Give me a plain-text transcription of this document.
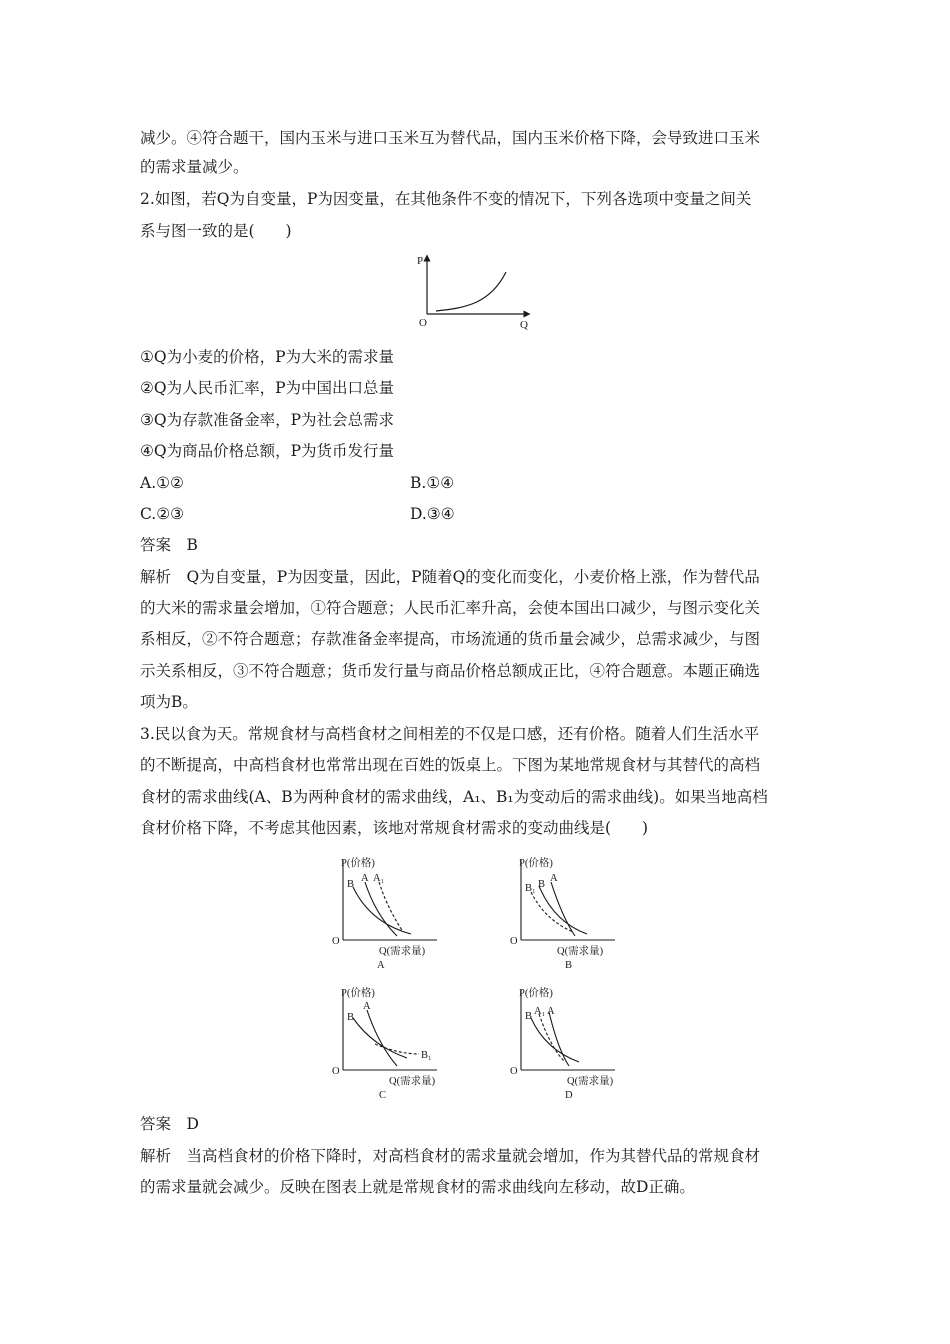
减少。④符合题干，国内玉米与进口玉米互为替代品，国内玉米价格下降，会导致进口玉米
的需求量减少。
2.如图，若Q为自变量，P为因变量，在其他条件不变的情况下，下列各选项中变量之间关
系与图一致的是(　　)
P
O	Q
①Q为小麦的价格，P为大米的需求量
②Q为人民币汇率，P为中国出口总量
③Q为存款准备金率，P为社会总需求
④Q为商品价格总额，P为货币发行量
A.①②	B.①④
C.②③	D.③④
答案　B
解析　Q为自变量，P为因变量，因此，P随着Q的变化而变化，小麦价格上涨，作为替代品
的大米的需求量会增加，①符合题意；人民币汇率升高，会使本国出口减少，与图示变化关
系相反，②不符合题意；存款准备金率提高，市场流通的货币量会减少，总需求减少，与图
示关系相反，③不符合题意；货币发行量与商品价格总额成正比，④符合题意。本题正确选
项为B。
3.民以食为天。常规食材与高档食材之间相差的不仅是口感，还有价格。随着人们生活水平
的不断提高，中高档食材也常常出现在百姓的饭桌上。下图为某地常规食材与其替代的高档
食材的需求曲线(A、B为两种食材的需求曲线，A₁、B₁为变动后的需求曲线)。如果当地高档
食材价格下降，不考虑其他因素，该地对常规食材需求的变动曲线是(　　)
P(价格)
O
Q(需求量)
B
A A₁
A
P(价格)
O
Q(需求量)
B₁ B
A
B
P(价格)
O
Q(需求量)
A
B
B₁
C
P(价格)
O
Q(需求量)
B A₁ A
D
答案　D
解析　当高档食材的价格下降时，对高档食材的需求量就会增加，作为其替代品的常规食材
的需求量就会减少。反映在图表上就是常规食材的需求曲线向左移动，故D正确。
